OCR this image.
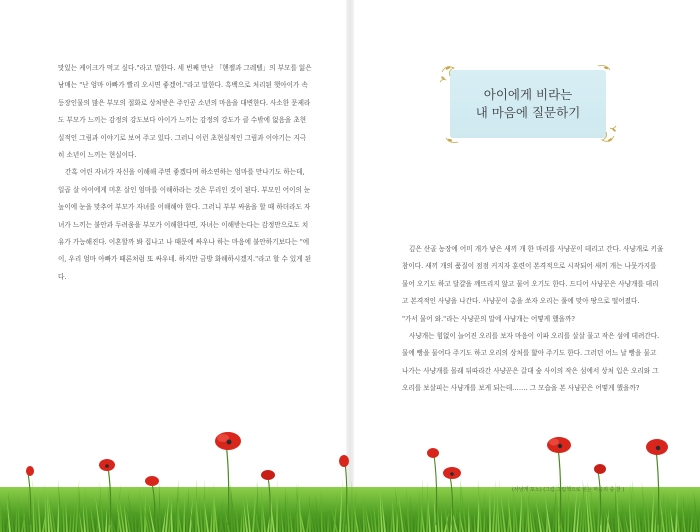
맛있는 케이크가 먹고 싶다."라고 말한다. 세 번째 만난 「헨젤과 그레텔」의 부모를 잃은 남매는 "난 엄마 아빠가 빨리 오시면 좋겠어."라고 말한다. 흑백으로 처리된 햇아이가 속 등장인물의 많은 부모의 절화로 상처받은 주인공 소년의 마음을 대변한다. 사소한 문제라도 부모가 느끼는 감정의 강도보다 아이가 느끼는 감정의 강도가 클 수밖에 없음을 초현실적인 그림과 이야기로 보여 주고 있다. 그러니 이런 초현실적인 그림과 이야기는 지극히 소년이 느끼는 현실이다.

간혹 어린 자녀가 자신을 이해해 주면 좋겠다며 하소연하는 엄마를 만나기도 하는데, 일곱 살 아이에게 미혼 살인 엄마를 이해하라는 것은 무리인 것이 된다. 부모인 어이의 눈높이에 눈을 맞추어 부모가 자녀를 이해해야 한다. 그러니 부부 싸움을 할 때 하더라도 자녀가 느끼는 불안과 두려움을 부모가 이해한다면, 자녀는 이해받는다는 감정만으로도 치유가 가능해진다. 이혼할까 봐 집나고 나 때문에 싸우나 하는 마음에 불안하기보다는 "에이, 우리 엄마 아빠가 때론처럼 또 싸우네. 하지만 금방 화해하시겠지."라고 할 수 있게 된다.

아이에게 비라는
내 마음에 질문하기

깊은 산골 농장에 어미 개가 낳은 새끼 개 한 마리를 사냥꾼이 데리고 간다. 사냥개로 키울 참이다. 새끼 개의 품질이 점점 커지자 훈련이 본격적으로 시작되어 새끼 개는 나뭇가지를 물어 오기도 하고 달걀을 깨뜨리지 않고 물어 오기도 한다. 드디어 사냥꾼은 사냥개를 데리고 본격적인 사냥을 나간다. 사냥꾼이 총을 쏘자 오리는 풀에 맞아 땅으로 떨어졌다.

"가서 물어 와."라는 사냥꾼의 말에 사냥개는 어떻게 했을까?

사냥개는 힘없이 늘어진 오리를 보자 마음이 이파 오리를 살살 물고 작은 섬에 데려간다. 물에 빵을 물어다 주기도 하고 오리의 상처를 핥아 주기도 한다. 그러던 어느 날 빵을 물고 나가는 사냥개를 몰래 뒤따라간 사냥꾼은 갈대 숲 사이의 작은 섬에서 상처 입은 오리와 그 오리를 보살피는 사냥개를 보게 되는데……. 그 모습을 본 사냥꾼은 어떻게 했을까?

(사냥개 포노) (그림 그림책으로 읽는 마음의 중 창 )
